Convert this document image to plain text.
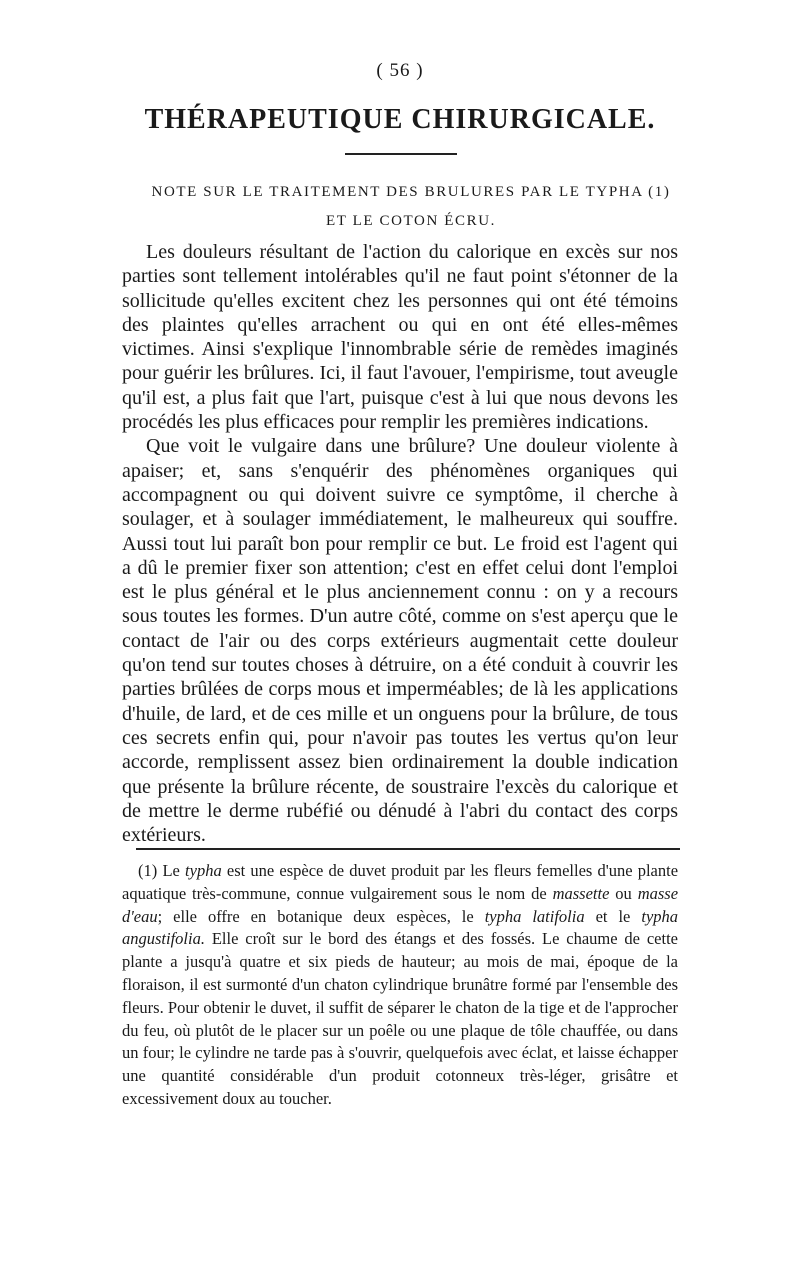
( 56 )
THÉRAPEUTIQUE CHIRURGICALE.
NOTE SUR LE TRAITEMENT DES BRULURES PAR LE TYPHA (1)
ET LE COTON ÉCRU.

Les douleurs résultant de l'action du calorique en excès sur nos parties sont tellement intolérables qu'il ne faut point s'étonner de la sollicitude qu'elles excitent chez les personnes qui ont été témoins des plaintes qu'elles arrachent ou qui en ont été elles-mêmes victimes. Ainsi s'explique l'innombrable série de remèdes imaginés pour guérir les brûlures. Ici, il faut l'avouer, l'empirisme, tout aveugle qu'il est, a plus fait que l'art, puisque c'est à lui que nous devons les procédés les plus efficaces pour remplir les premières indications.

Que voit le vulgaire dans une brûlure? Une douleur violente à apaiser; et, sans s'enquérir des phénomènes organiques qui accompagnent ou qui doivent suivre ce symptôme, il cherche à soulager, et à soulager immédiatement, le malheureux qui souffre. Aussi tout lui paraît bon pour remplir ce but. Le froid est l'agent qui a dû le premier fixer son attention; c'est en effet celui dont l'emploi est le plus général et le plus anciennement connu : on y a recours sous toutes les formes. D'un autre côté, comme on s'est aperçu que le contact de l'air ou des corps extérieurs augmentait cette douleur qu'on tend sur toutes choses à détruire, on a été conduit à couvrir les parties brûlées de corps mous et imperméables; de là les applications d'huile, de lard, et de ces mille et un onguens pour la brûlure, de tous ces secrets enfin qui, pour n'avoir pas toutes les vertus qu'on leur accorde, remplissent assez bien ordinairement la double indication que présente la brûlure récente, de soustraire l'excès du calorique et de mettre le derme rubéfié ou dénudé à l'abri du contact des corps extérieurs.

(1) Le typha est une espèce de duvet produit par les fleurs femelles d'une plante aquatique très-commune, connue vulgairement sous le nom de massette ou masse d'eau; elle offre en botanique deux espèces, le typha latifolia et le typha angustifolia. Elle croît sur le bord des étangs et des fossés. Le chaume de cette plante a jusqu'à quatre et six pieds de hauteur; au mois de mai, époque de la floraison, il est surmonté d'un chaton cylindrique brunâtre formé par l'ensemble des fleurs. Pour obtenir le duvet, il suffit de séparer le chaton de la tige et de l'approcher du feu, où plutôt de le placer sur un poêle ou une plaque de tôle chauffée, ou dans un four; le cylindre ne tarde pas à s'ouvrir, quelquefois avec éclat, et laisse échapper une quantité considérable d'un produit cotonneux très-léger, grisâtre et excessivement doux au toucher.
